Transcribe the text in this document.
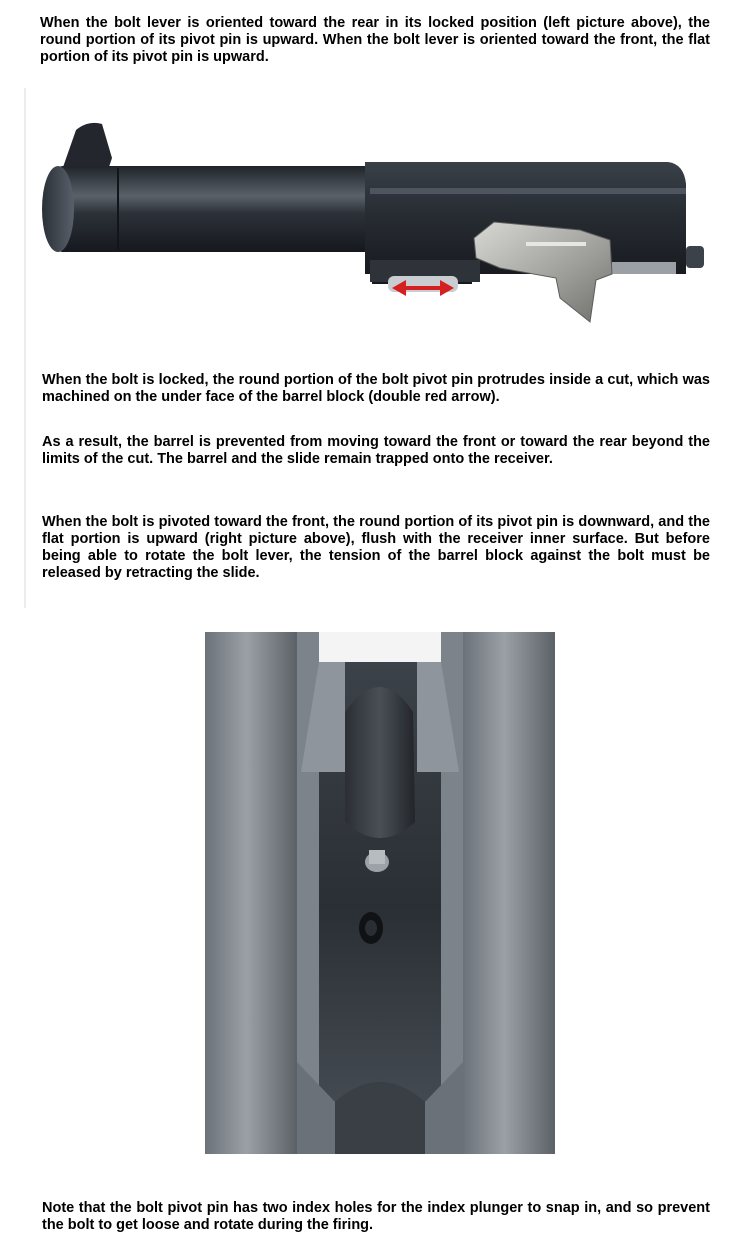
When the bolt lever is oriented toward the rear in its locked position (left picture above), the round portion of its pivot pin is upward. When the bolt lever is oriented toward the front, the flat portion of its pivot pin is upward.

When the bolt is locked, the round portion of the bolt pivot pin protrudes inside a cut, which was machined on the under face of the barrel block (double red arrow).

As a result, the barrel is prevented from moving toward the front or toward the rear beyond the limits of the cut. The barrel and the slide remain trapped onto the receiver.

When the bolt is pivoted toward the front, the round portion of its pivot pin is downward, and the flat portion is upward (right picture above), flush with the receiver inner surface. But before being able to rotate the bolt lever, the tension of the barrel block against the bolt must be released by retracting the slide.

Note that the bolt pivot pin has two index holes for the index plunger to snap in, and so prevent the bolt to get loose and rotate during the firing.
